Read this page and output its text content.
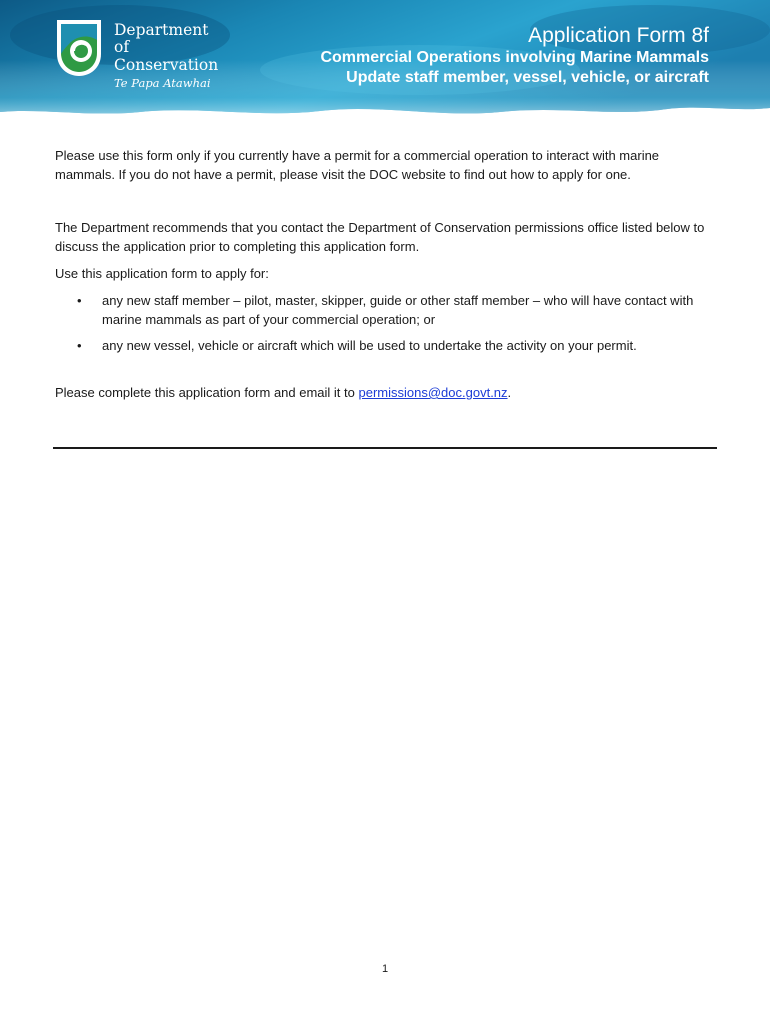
Department of
Conservation
Te Papa Atawhai
Application Form 8f
Commercial Operations involving Marine Mammals
Update staff member, vessel, vehicle, or aircraft

Please use this form only if you currently have a permit for a commercial operation to interact with marine mammals. If you do not have a permit, please visit the DOC website to find out how to apply for one.

The Department recommends that you contact the Department of Conservation permissions office listed below to discuss the application prior to completing this application form.

Use this application form to apply for:

• any new staff member – pilot, master, skipper, guide or other staff member – who will have contact with marine mammals as part of your commercial operation; or
• any new vessel, vehicle or aircraft which will be used to undertake the activity on your permit.

Please complete this application form and email it to permissions@doc.govt.nz.

1
